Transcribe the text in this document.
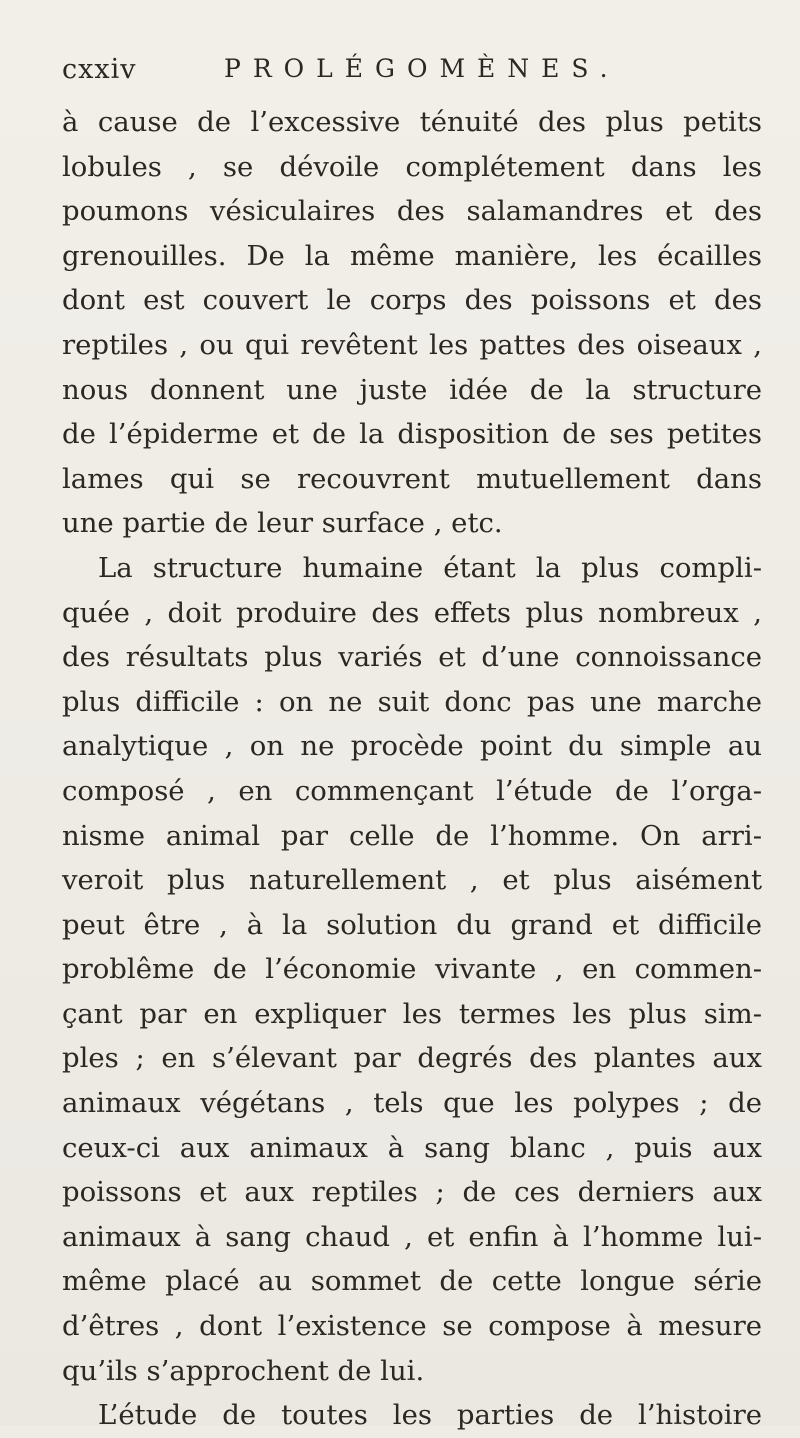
cxxiv	PROLÉGOMÈNES.
à cause de l’excessive ténuité des plus petits
lobules , se dévoile complétement dans les
poumons vésiculaires des salamandres et des
grenouilles. De la même manière, les écailles
dont est couvert le corps des poissons et des
reptiles , ou qui revêtent les pattes des oiseaux ,
nous donnent une juste idée de la structure
de l’épiderme et de la disposition de ses petites
lames qui se recouvrent mutuellement dans
une partie de leur surface , etc.
La structure humaine étant la plus compli-
quée , doit produire des effets plus nombreux ,
des résultats plus variés et d’une connoissance
plus difficile : on ne suit donc pas une marche
analytique , on ne procède point du simple au
composé , en commençant l’étude de l’orga-
nisme animal par celle de l’homme. On arri-
veroit plus naturellement , et plus aisément
peut être , à la solution du grand et difficile
problême de l’économie vivante , en commen-
çant par en expliquer les termes les plus sim-
ples ; en s’élevant par degrés des plantes aux
animaux végétans , tels que les polypes ; de
ceux-ci aux animaux à sang blanc , puis aux
poissons et aux reptiles ; de ces derniers aux
animaux à sang chaud , et enfin à l’homme lui-
même placé au sommet de cette longue série
d’êtres , dont l’existence se compose à mesure
qu’ils s’approchent de lui.
L’étude de toutes les parties de l’histoire
